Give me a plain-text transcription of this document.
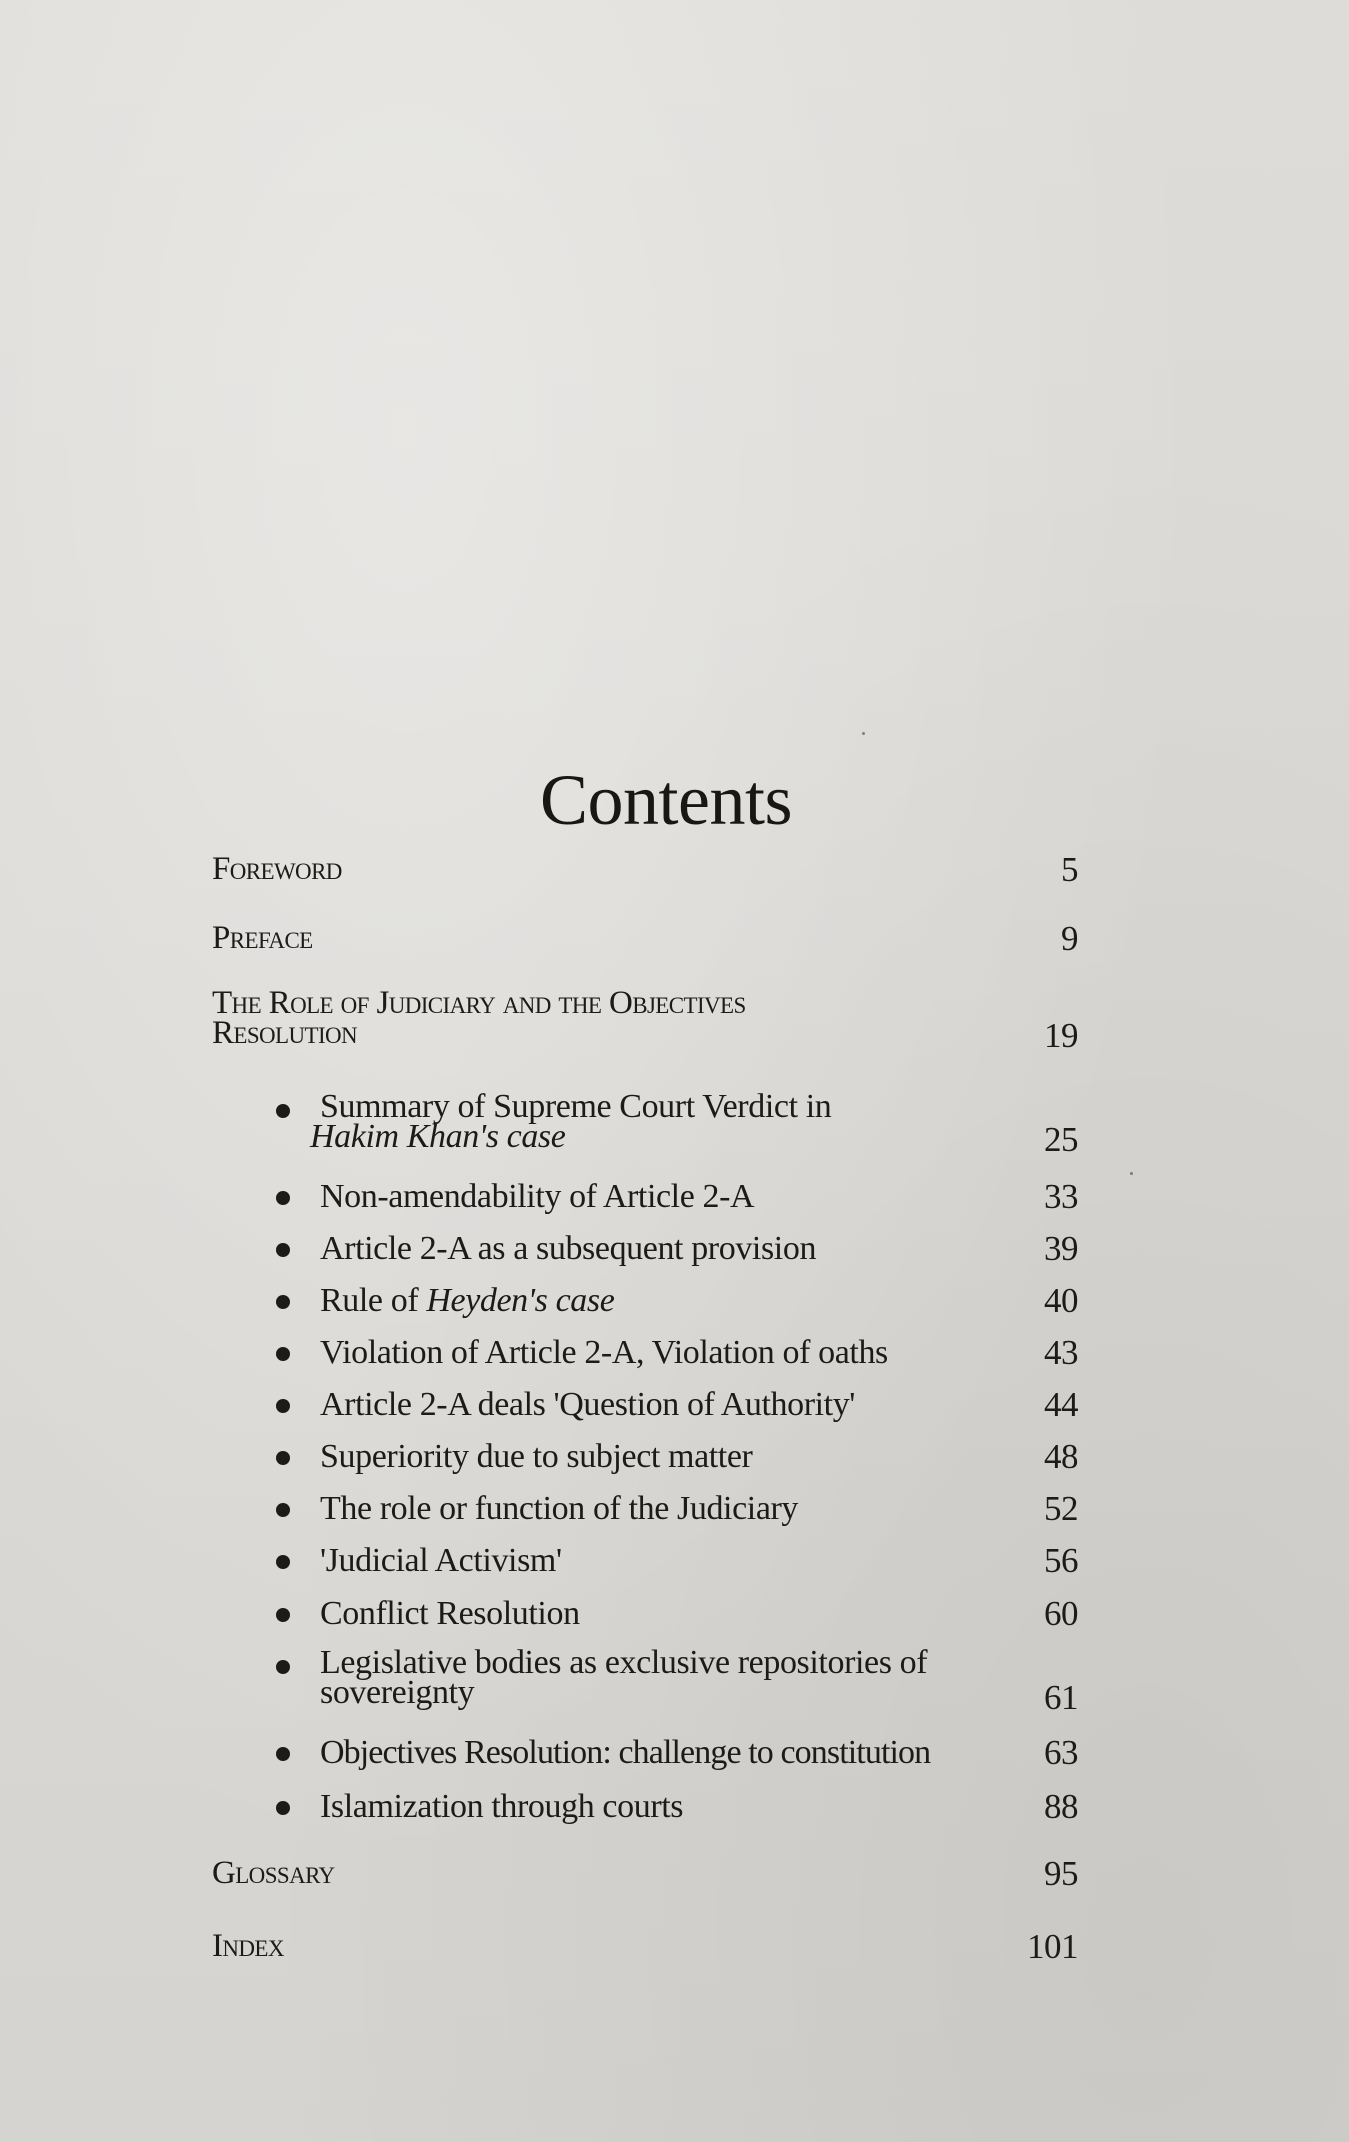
Contents
Foreword	5
Preface	9
The Role of Judiciary and the Objectives
Resolution	19
Summary of Supreme Court Verdict in
Hakim Khan's case	25
Non-amendability of Article 2-A	33
Article 2-A as a subsequent provision	39
Rule of Heyden's case	40
Violation of Article 2-A, Violation of oaths	43
Article 2-A deals 'Question of Authority'	44
Superiority due to subject matter	48
The role or function of the Judiciary	52
'Judicial Activism'	56
Conflict Resolution	60
Legislative bodies as exclusive repositories of
sovereignty	61
Objectives Resolution: challenge to constitution	63
Islamization through courts	88
Glossary	95
Index	101
